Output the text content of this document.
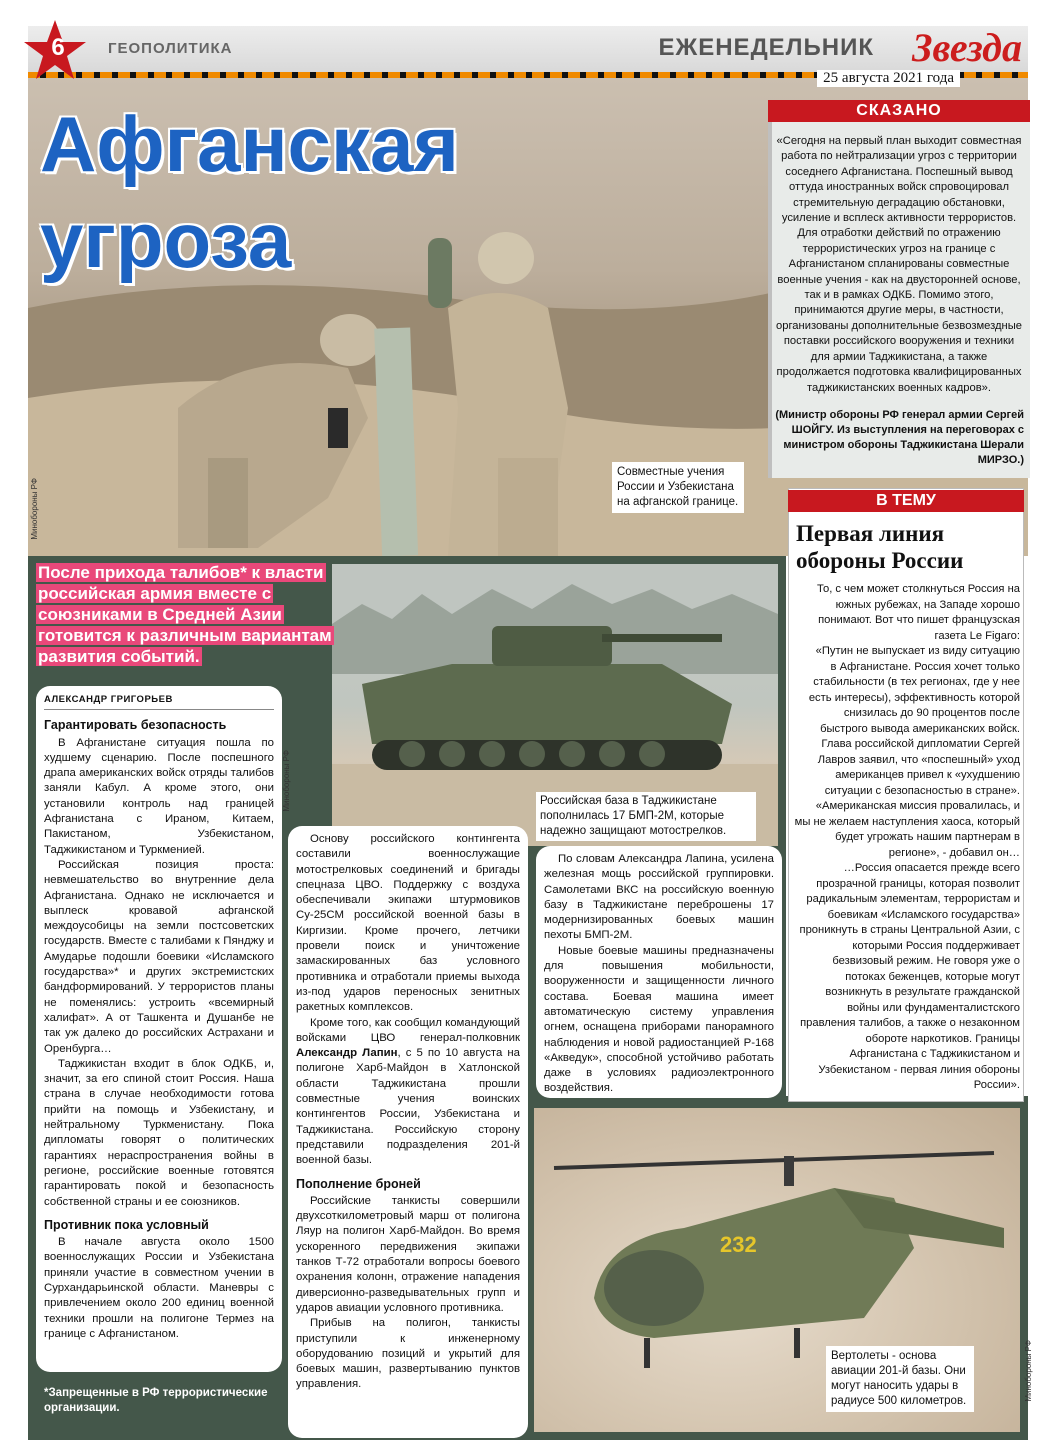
Минобороны РФ
Афганская
угроза
Совместные учения России и Узбекистана на афганской границе.
6	ГЕОПОЛИТИКА	ЕЖЕНЕДЕЛЬНИК Звезда
25 августа 2021 года
СКАЗАНО
«Сегодня на первый план выходит совместная работа по нейтрализации угроз с территории соседнего Афганистана. Поспешный вывод оттуда иностранных войск спровоцировал стремительную деградацию обстановки, усиление и всплеск активности террористов. Для отработки действий по отражению террористических угроз на границе с Афганистаном спланированы совместные военные учения - как на двусторонней основе, так и в рамках ОДКБ. Помимо этого, принимаются другие меры, в частности, организованы дополнительные безвозмездные поставки российского вооружения и техники для армии Таджикистана, а также продолжается подготовка квалифицированных таджикистанских военных кадров».
(Министр обороны РФ генерал армии Сергей ШОЙГУ. Из выступления на переговорах с министром обороны Таджикистана Шерали МИРЗО.)
Минобороны РФ	Российская база в Таджикистане пополнилась 17 БМП-2М, которые надежно защищают мотострелков.
После прихода талибов* к власти российская армия вместе с союзниками в Средней Азии готовится к различным вариантам развития событий.
В ТЕМУ
Первая линия обороны России

То, с чем может столкнуться Россия на южных рубежах, на Западе хорошо понимают. Вот что пишет французская газета Le Figaro:

«Путин не выпускает из виду ситуацию в Афганистане. Россия хочет только стабильности (в тех регионах, где у нее есть интересы), эффективность которой снизилась до 90 процентов после быстрого вывода американских войск. Глава российской дипломатии Сергей Лавров заявил, что «поспешный» уход американцев привел к «ухудшению ситуации с безопасностью в стране».

«Американская миссия провалилась, и мы не желаем наступления хаоса, который будет угрожать нашим партнерам в регионе», - добавил он…

…Россия опасается прежде всего прозрачной границы, которая позволит радикальным элементам, террористам и боевикам «Исламского государства» проникнуть в страны Центральной Азии, с которыми Россия поддерживает безвизовый режим. Не говоря уже о потоках беженцев, которые могут возникнуть в результате гражданской войны или фундаменталистского правления талибов, а также о незаконном обороте наркотиков. Границы Афганистана с Таджикистаном и Узбекистаном - первая линия обороны России».

АЛЕКСАНДР ГРИГОРЬЕВ
Гарантировать безопасность

В Афганистане ситуация пошла по худшему сценарию. После поспешного драпа американских войск отряды талибов заняли Кабул. А кроме этого, они установили контроль над границей Афганистана с Ираном, Китаем, Пакистаном, Узбекистаном, Таджикистаном и Туркменией.

Российская позиция проста: невмешательство во внутренние дела Афганистана. Однако не исключается и выплеск кровавой афганской междоусобицы на земли постсоветских государств. Вместе с талибами к Пянджу и Амударье подошли боевики «Исламского государства»* и других экстремистских бандформирований. У террористов планы не поменялись: устроить «всемирный халифат». А от Ташкента и Душанбе не так уж далеко до российских Астрахани и Оренбурга…

Таджикистан входит в блок ОДКБ, и, значит, за его спиной стоит Россия. Наша страна в случае необходимости готова прийти на помощь и Узбекистану, и нейтральному Туркменистану. Пока дипломаты говорят о политических гарантиях нераспространения войны в регионе, российские военные готовятся гарантировать покой и безопасность собственной страны и ее союзников.

Противник пока условный

В начале августа около 1500 военнослужащих России и Узбекистана приняли участие в совместном учении в Сурхандарьинской области. Маневры с привлечением около 200 единиц военной техники прошли на полигоне Термез на границе с Афганистаном.

Основу российского контингента составили военнослужащие мотострелковых соединений и бригады спецназа ЦВО. Поддержку с воздуха обеспечивали экипажи штурмовиков Су-25СМ российской военной базы в Киргизии. Кроме прочего, летчики провели поиск и уничтожение замаскированных баз условного противника и отработали приемы выхода из-под ударов переносных зенитных ракетных комплексов.

Кроме того, как сообщил командующий войсками ЦВО генерал-полковник Александр Лапин, с 5 по 10 августа на полигоне Харб-Майдон в Хатлонской области Таджикистана прошли совместные учения воинских контингентов России, Узбекистана и Таджикистана. Российскую сторону представили подразделения 201-й военной базы.

Пополнение броней

Российские танкисты совершили двухсоткилометровый марш от полигона Ляур на полигон Харб-Майдон. Во время ускоренного передвижения экипажи танков Т-72 отработали вопросы боевого охранения колонн, отражение нападения диверсионно-разведывательных групп и ударов авиации условного противника.

Прибыв на полигон, танкисты приступили к инженерному оборудованию позиций и укрытий для боевых машин, развертыванию пунктов управления.

По словам Александра Лапина, усилена железная мощь российской группировки. Самолетами ВКС на российскую военную базу в Таджикистане переброшены 17 модернизированных боевых машин пехоты БМП-2М.

Новые боевые машины предназначены для повышения мобильности, вооруженности и защищенности личного состава. Боевая машина имеет автоматическую систему управления огнем, оснащена приборами панорамного наблюдения и новой радиостанцией Р-168 «Акведук», способной устойчиво работать даже в условиях радиоэлектронного воздействия.

*Запрещенные в РФ террористические организации.
232
Минобороны РФ
Вертолеты - основа авиации 201-й базы. Они могут наносить удары в радиусе 500 километров.
